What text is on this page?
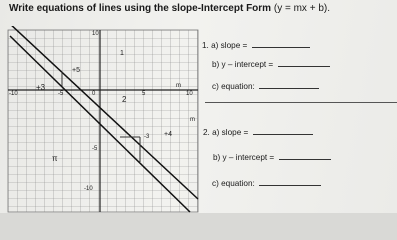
Write equations of lines using the slope-Intercept Form (y = mx + b).
10
-10	-5	0	5	10
-5
-10
1
+5
+3	m
2
-3 +4
π
m
1. a) slope =
b) y – intercept =
c) equation:
2. a) slope =
b) y – intercept =
c) equation:
